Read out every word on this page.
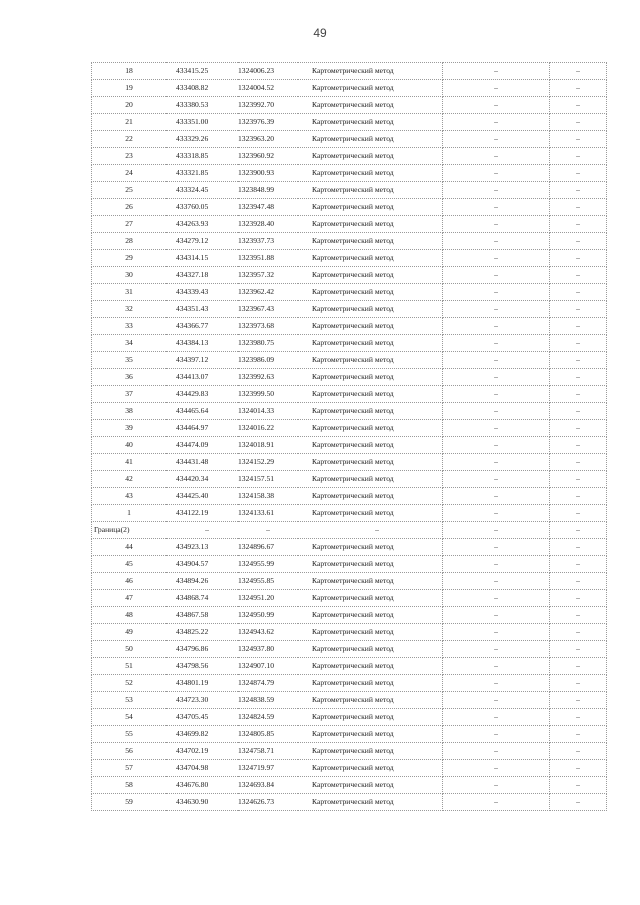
49
18	433415.25	1324006.23	Картометрический метод	–	–
19	433408.82	1324004.52	Картометрический метод	–	–
20	433380.53	1323992.70	Картометрический метод	–	–
21	433351.00	1323976.39	Картометрический метод	–	–
22	433329.26	1323963.20	Картометрический метод	–	–
23	433318.85	1323960.92	Картометрический метод	–	–
24	433321.85	1323900.93	Картометрический метод	–	–
25	433324.45	1323848.99	Картометрический метод	–	–
26	433760.05	1323947.48	Картометрический метод	–	–
27	434263.93	1323928.40	Картометрический метод	–	–
28	434279.12	1323937.73	Картометрический метод	–	–
29	434314.15	1323951.88	Картометрический метод	–	–
30	434327.18	1323957.32	Картометрический метод	–	–
31	434339.43	1323962.42	Картометрический метод	–	–
32	434351.43	1323967.43	Картометрический метод	–	–
33	434366.77	1323973.68	Картометрический метод	–	–
34	434384.13	1323980.75	Картометрический метод	–	–
35	434397.12	1323986.09	Картометрический метод	–	–
36	434413.07	1323992.63	Картометрический метод	–	–
37	434429.83	1323999.50	Картометрический метод	–	–
38	434465.64	1324014.33	Картометрический метод	–	–
39	434464.97	1324016.22	Картометрический метод	–	–
40	434474.09	1324018.91	Картометрический метод	–	–
41	434431.48	1324152.29	Картометрический метод	–	–
42	434420.34	1324157.51	Картометрический метод	–	–
43	434425.40	1324158.38	Картометрический метод	–	–
1	434122.19	1324133.61	Картометрический метод	–	–
Граница(2)	–	–	–	–	–
44	434923.13	1324896.67	Картометрический метод	–	–
45	434904.57	1324955.99	Картометрический метод	–	–
46	434894.26	1324955.85	Картометрический метод	–	–
47	434868.74	1324951.20	Картометрический метод	–	–
48	434867.58	1324950.99	Картометрический метод	–	–
49	434825.22	1324943.62	Картометрический метод	–	–
50	434796.86	1324937.80	Картометрический метод	–	–
51	434798.56	1324907.10	Картометрический метод	–	–
52	434801.19	1324874.79	Картометрический метод	–	–
53	434723.30	1324838.59	Картометрический метод	–	–
54	434705.45	1324824.59	Картометрический метод	–	–
55	434699.82	1324805.85	Картометрический метод	–	–
56	434702.19	1324758.71	Картометрический метод	–	–
57	434704.98	1324719.97	Картометрический метод	–	–
58	434676.80	1324693.84	Картометрический метод	–	–
59	434630.90	1324626.73	Картометрический метод	–	–
